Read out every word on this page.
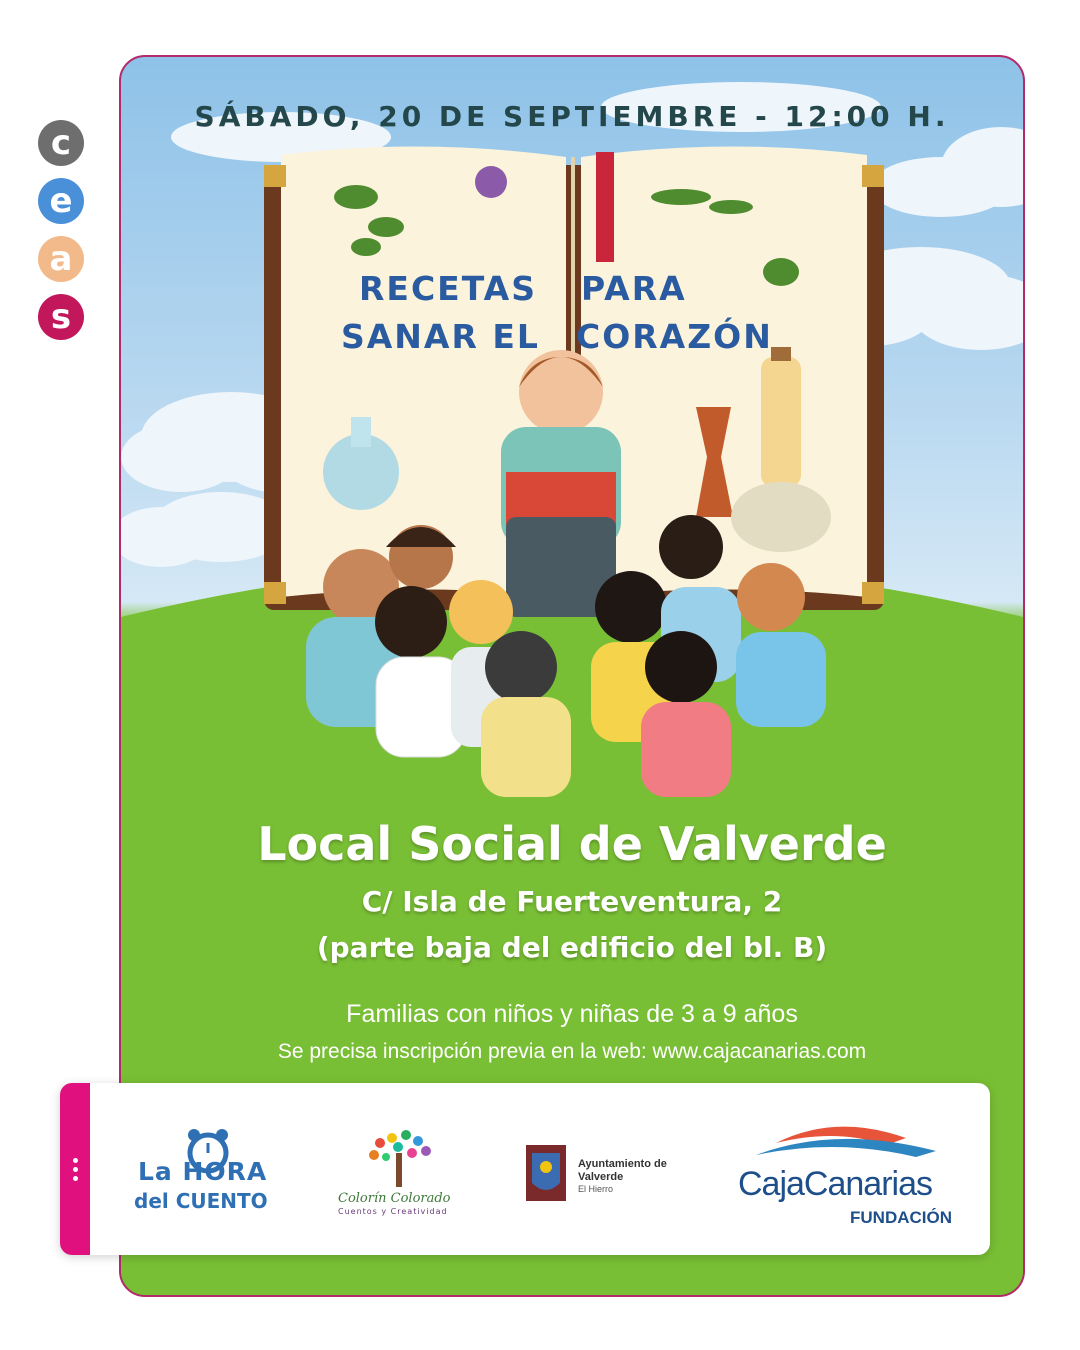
c
e
a
s
SÁBADO, 20 DE SEPTIEMBRE - 12:00 H.
RECETAS PARA
SANAR EL CORAZÓN
Local Social de Valverde
C/ Isla de Fuerteventura, 2
(parte baja del edificio del bl. B)
Familias con niños y niñas de 3 a 9 años
Se precisa inscripción previa en la web: www.cajacanarias.com
La HORA
del CUENTO	Colorín Colorado
Cuentos y Creatividad
Ayuntamiento de Valverde
El Hierro	CajaCanarias
FUNDACIÓN
